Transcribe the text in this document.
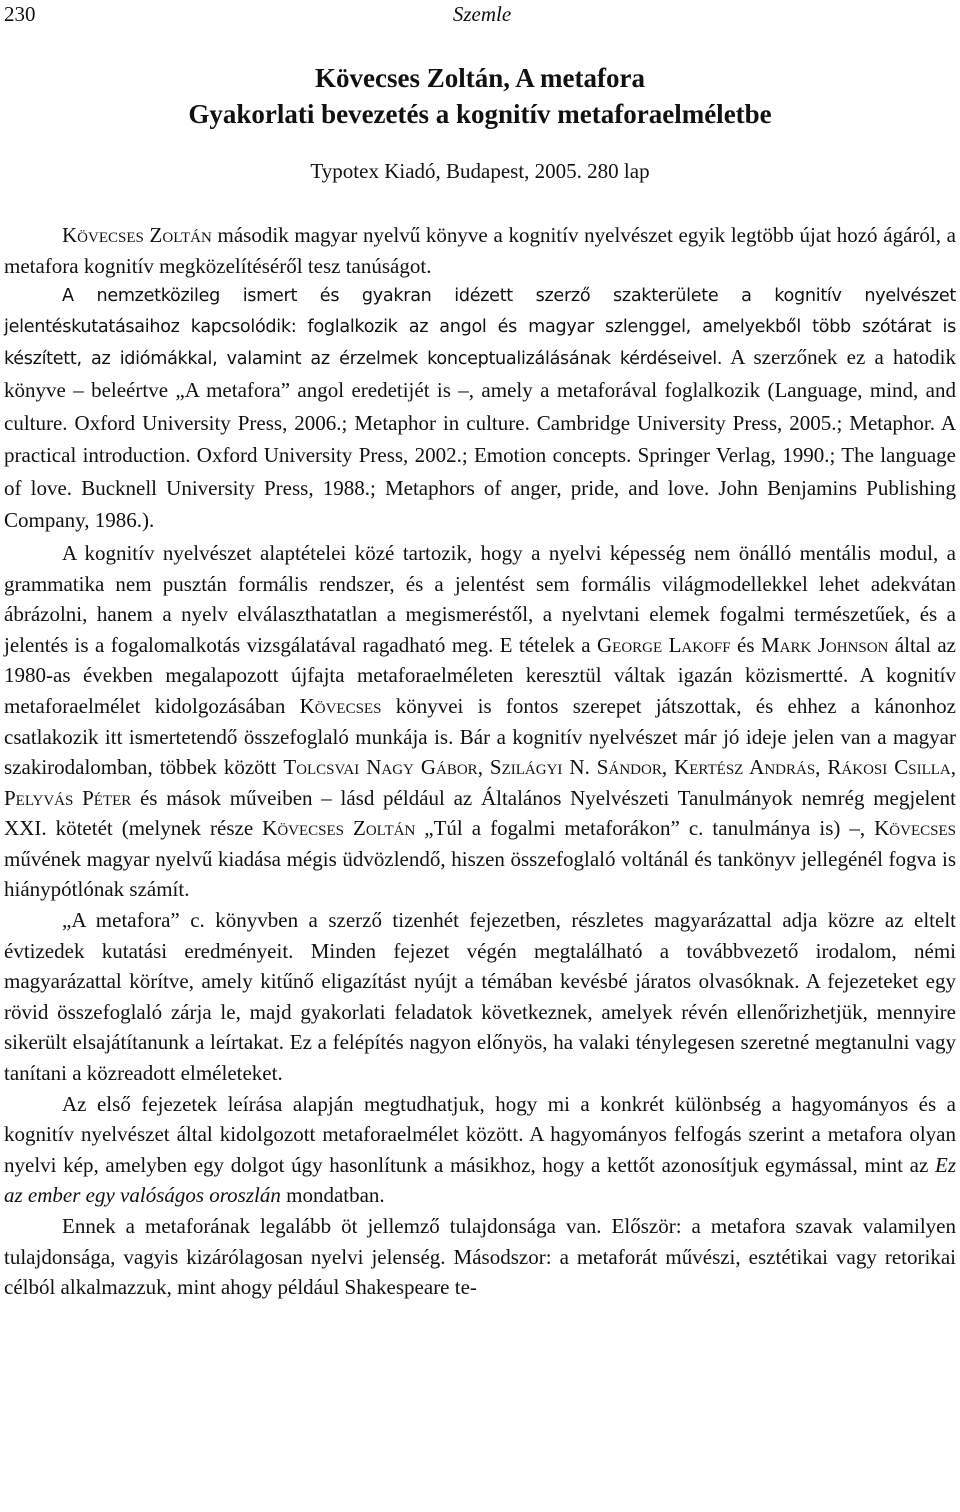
230	Szemle
Kövecses Zoltán, A metafora
Gyakorlati bevezetés a kognitív metaforaelméletbe
Typotex Kiadó, Budapest, 2005. 280 lap

Kövecses Zoltán második magyar nyelvű könyve a kognitív nyelvészet egyik legtöbb újat hozó ágáról, a metafora kognitív megközelítéséről tesz tanúságot.

A nemzetközileg ismert és gyakran idézett szerző szakterülete a kognitív nyelvészet jelentéskutatásaihoz kapcsolódik: foglalkozik az angol és magyar szlenggel, amelyekből több szótárat is készített, az idiómákkal, valamint az érzelmek konceptualizálásának kérdéseivel. A szerzőnek ez a hatodik könyve – beleértve „A metafora” angol eredetijét is –, amely a metaforával foglalkozik (Language, mind, and culture. Oxford University Press, 2006.; Metaphor in culture. Cambridge University Press, 2005.; Metaphor. A practical introduction. Oxford University Press, 2002.; Emotion concepts. Springer Verlag, 1990.; The language of love. Bucknell University Press, 1988.; Metaphors of anger, pride, and love. John Benjamins Publishing Company, 1986.).

A kognitív nyelvészet alaptételei közé tartozik, hogy a nyelvi képesség nem önálló mentális modul, a grammatika nem pusztán formális rendszer, és a jelentést sem formális világmodellekkel lehet adekvátan ábrázolni, hanem a nyelv elválaszthatatlan a megismeréstől, a nyelvtani elemek fogalmi természetűek, és a jelentés is a fogalomalkotás vizsgálatával ragadható meg. E tételek a George Lakoff és Mark Johnson által az 1980-as években megalapozott újfajta metaforaelméleten keresztül váltak igazán közismertté. A kognitív metaforaelmélet kidolgozásában Kövecses könyvei is fontos szerepet játszottak, és ehhez a kánonhoz csatlakozik itt ismertetendő összefoglaló munkája is. Bár a kognitív nyelvészet már jó ideje jelen van a magyar szakirodalomban, többek között Tolcsvai Nagy Gábor, Szilágyi N. Sándor, Kertész András, Rákosi Csilla, Pelyvás Péter és mások műveiben – lásd például az Általános Nyelvészeti Tanulmányok nemrég megjelent XXI. kötetét (melynek része Kövecses Zoltán „Túl a fogalmi metaforákon” c. tanulmánya is) –, Kövecses művének magyar nyelvű kiadása mégis üdvözlendő, hiszen összefoglaló voltánál és tankönyv jellegénél fogva is hiánypótlónak számít.

„A metafora” c. könyvben a szerző tizenhét fejezetben, részletes magyarázattal adja közre az eltelt évtizedek kutatási eredményeit. Minden fejezet végén megtalálható a továbbvezető irodalom, némi magyarázattal körítve, amely kitűnő eligazítást nyújt a témában kevésbé járatos olvasóknak. A fejezeteket egy rövid összefoglaló zárja le, majd gyakorlati feladatok következnek, amelyek révén ellenőrizhetjük, mennyire sikerült elsajátítanunk a leírtakat. Ez a felépítés nagyon előnyös, ha valaki ténylegesen szeretné megtanulni vagy tanítani a közreadott elméleteket.

Az első fejezetek leírása alapján megtudhatjuk, hogy mi a konkrét különbség a hagyományos és a kognitív nyelvészet által kidolgozott metaforaelmélet között. A hagyományos felfogás szerint a metafora olyan nyelvi kép, amelyben egy dolgot úgy hasonlítunk a másikhoz, hogy a kettőt azonosítjuk egymással, mint az Ez az ember egy valóságos oroszlán mondatban.

Ennek a metaforának legalább öt jellemző tulajdonsága van. Először: a metafora szavak valamilyen tulajdonsága, vagyis kizárólagosan nyelvi jelenség. Másodszor: a metaforát művészi, esztétikai vagy retorikai célból alkalmazzuk, mint ahogy például Shakespeare te-
